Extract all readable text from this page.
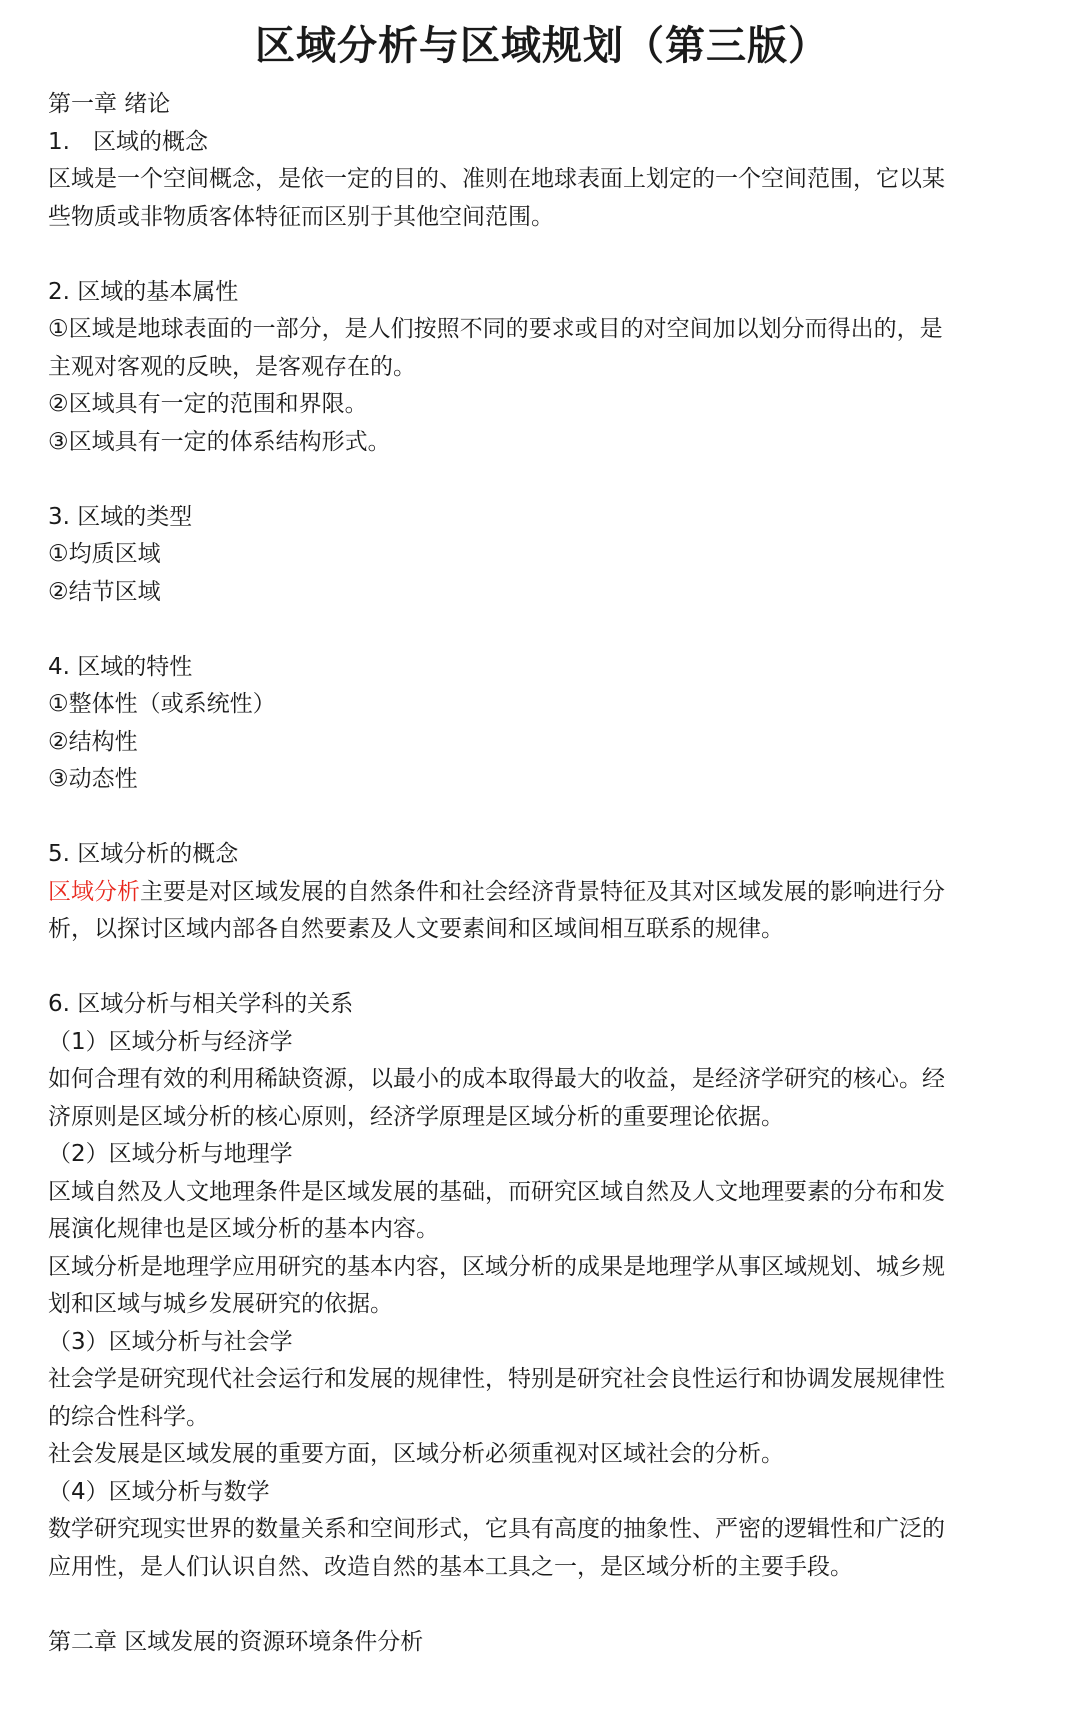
区域分析与区域规划（第三版）

第一章 绪论

1.　区域的概念

区域是一个空间概念，是依一定的目的、准则在地球表面上划定的一个空间范围，它以某

些物质或非物质客体特征而区别于其他空间范围。

2. 区域的基本属性

①区域是地球表面的一部分，是人们按照不同的要求或目的对空间加以划分而得出的，是

主观对客观的反映，是客观存在的。

②区域具有一定的范围和界限。

③区域具有一定的体系结构形式。

3. 区域的类型

①均质区域

②结节区域

4. 区域的特性

①整体性（或系统性）

②结构性

③动态性

5. 区域分析的概念

区域分析主要是对区域发展的自然条件和社会经济背景特征及其对区域发展的影响进行分

析，以探讨区域内部各自然要素及人文要素间和区域间相互联系的规律。

6. 区域分析与相关学科的关系

（1）区域分析与经济学

如何合理有效的利用稀缺资源，以最小的成本取得最大的收益，是经济学研究的核心。经

济原则是区域分析的核心原则，经济学原理是区域分析的重要理论依据。

（2）区域分析与地理学

区域自然及人文地理条件是区域发展的基础，而研究区域自然及人文地理要素的分布和发

展演化规律也是区域分析的基本内容。

区域分析是地理学应用研究的基本内容，区域分析的成果是地理学从事区域规划、城乡规

划和区域与城乡发展研究的依据。

（3）区域分析与社会学

社会学是研究现代社会运行和发展的规律性，特别是研究社会良性运行和协调发展规律性

的综合性科学。

社会发展是区域发展的重要方面，区域分析必须重视对区域社会的分析。

（4）区域分析与数学

数学研究现实世界的数量关系和空间形式，它具有高度的抽象性、严密的逻辑性和广泛的

应用性，是人们认识自然、改造自然的基本工具之一，是区域分析的主要手段。

第二章 区域发展的资源环境条件分析
